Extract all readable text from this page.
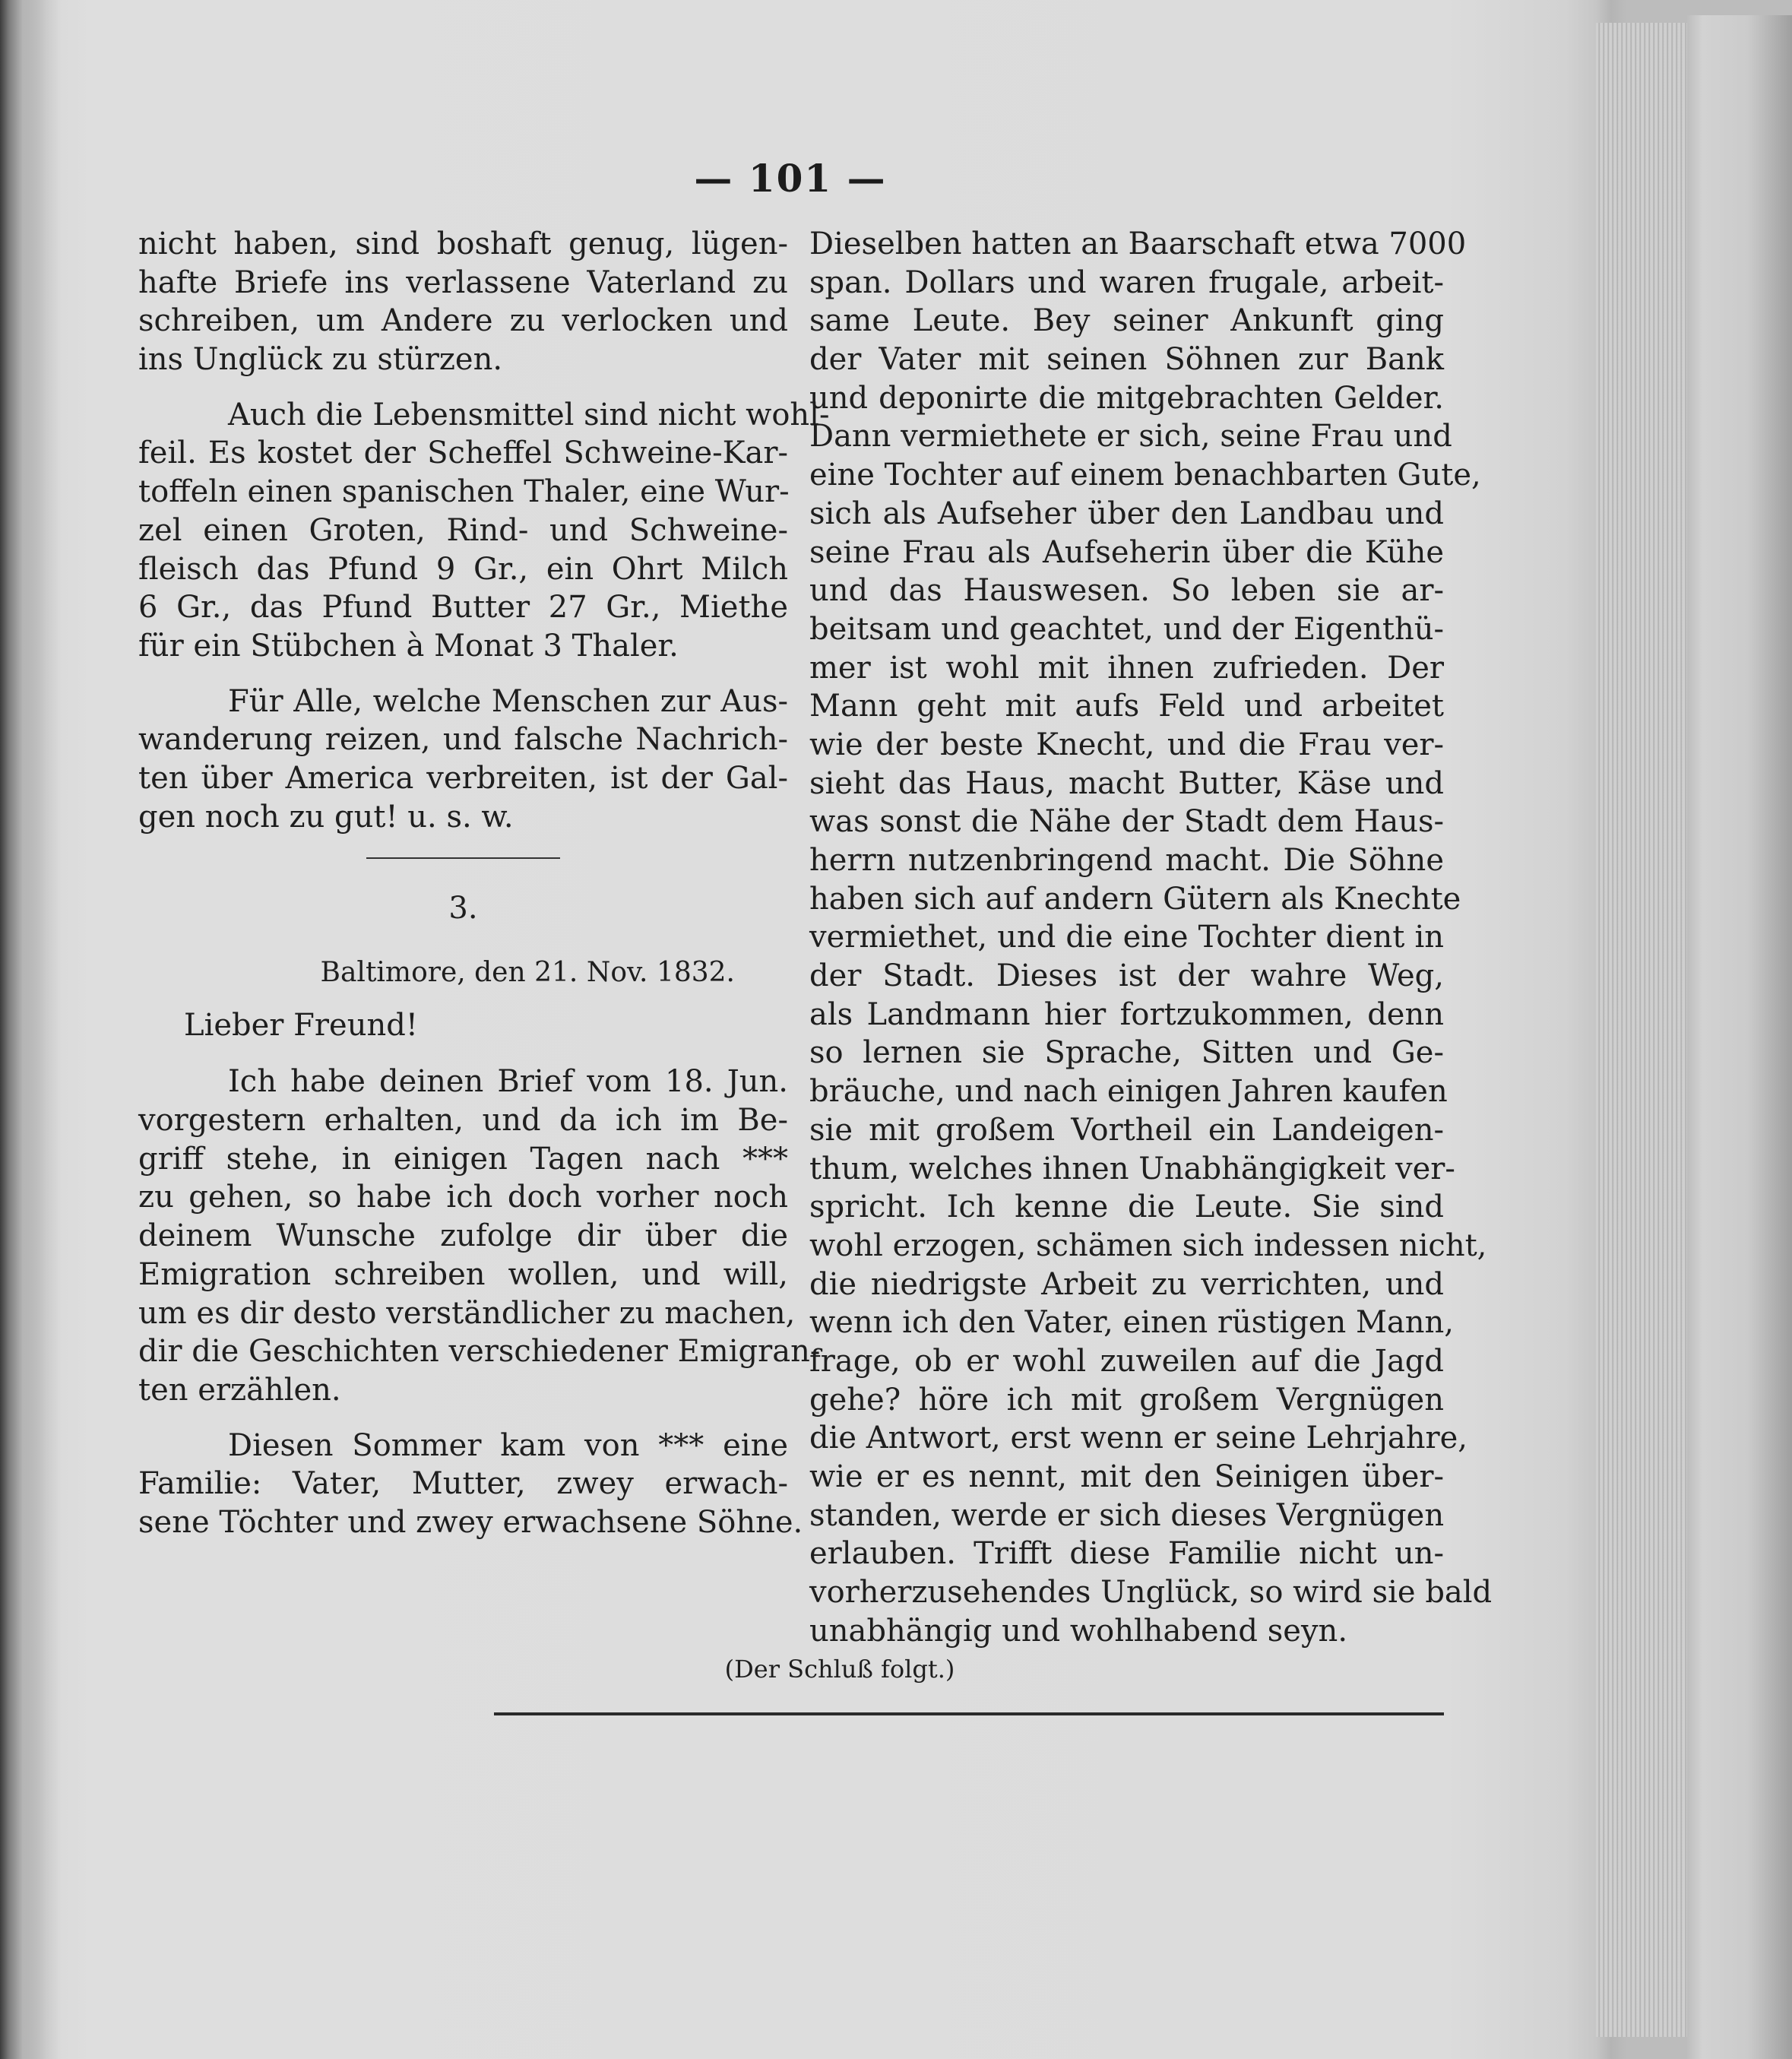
— 101 —
nicht haben, sind boshaft genug, lügen-
hafte Briefe ins verlassene Vaterland zu
schreiben, um Andere zu verlocken und
ins Unglück zu stürzen.
Auch die Lebensmittel sind nicht wohl-
feil. Es kostet der Scheffel Schweine-Kar-
toffeln einen spanischen Thaler, eine Wur-
zel einen Groten, Rind- und Schweine-
fleisch das Pfund 9 Gr., ein Ohrt Milch
6 Gr., das Pfund Butter 27 Gr., Miethe
für ein Stübchen à Monat 3 Thaler.
Für Alle, welche Menschen zur Aus-
wanderung reizen, und falsche Nachrich-
ten über America verbreiten, ist der Gal-
gen noch zu gut! u. s. w.
3.
Baltimore, den 21. Nov. 1832.
Lieber Freund!
Ich habe deinen Brief vom 18. Jun.
vorgestern erhalten, und da ich im Be-
griff stehe, in einigen Tagen nach ***
zu gehen, so habe ich doch vorher noch
deinem Wunsche zufolge dir über die
Emigration schreiben wollen, und will,
um es dir desto verständlicher zu machen,
dir die Geschichten verschiedener Emigran-
ten erzählen.
Diesen Sommer kam von *** eine
Familie: Vater, Mutter, zwey erwach-
sene Töchter und zwey erwachsene Söhne.
Dieselben hatten an Baarschaft etwa 7000
span. Dollars und waren frugale, arbeit-
same Leute. Bey seiner Ankunft ging
der Vater mit seinen Söhnen zur Bank
und deponirte die mitgebrachten Gelder.
Dann vermiethete er sich, seine Frau und
eine Tochter auf einem benachbarten Gute,
sich als Aufseher über den Landbau und
seine Frau als Aufseherin über die Kühe
und das Hauswesen. So leben sie ar-
beitsam und geachtet, und der Eigenthü-
mer ist wohl mit ihnen zufrieden. Der
Mann geht mit aufs Feld und arbeitet
wie der beste Knecht, und die Frau ver-
sieht das Haus, macht Butter, Käse und
was sonst die Nähe der Stadt dem Haus-
herrn nutzenbringend macht. Die Söhne
haben sich auf andern Gütern als Knechte
vermiethet, und die eine Tochter dient in
der Stadt. Dieses ist der wahre Weg,
als Landmann hier fortzukommen, denn
so lernen sie Sprache, Sitten und Ge-
bräuche, und nach einigen Jahren kaufen
sie mit großem Vortheil ein Landeigen-
thum, welches ihnen Unabhängigkeit ver-
spricht. Ich kenne die Leute. Sie sind
wohl erzogen, schämen sich indessen nicht,
die niedrigste Arbeit zu verrichten, und
wenn ich den Vater, einen rüstigen Mann,
frage, ob er wohl zuweilen auf die Jagd
gehe? höre ich mit großem Vergnügen
die Antwort, erst wenn er seine Lehrjahre,
wie er es nennt, mit den Seinigen über-
standen, werde er sich dieses Vergnügen
erlauben. Trifft diese Familie nicht un-
vorherzusehendes Unglück, so wird sie bald
unabhängig und wohlhabend seyn.
(Der Schluß folgt.)
